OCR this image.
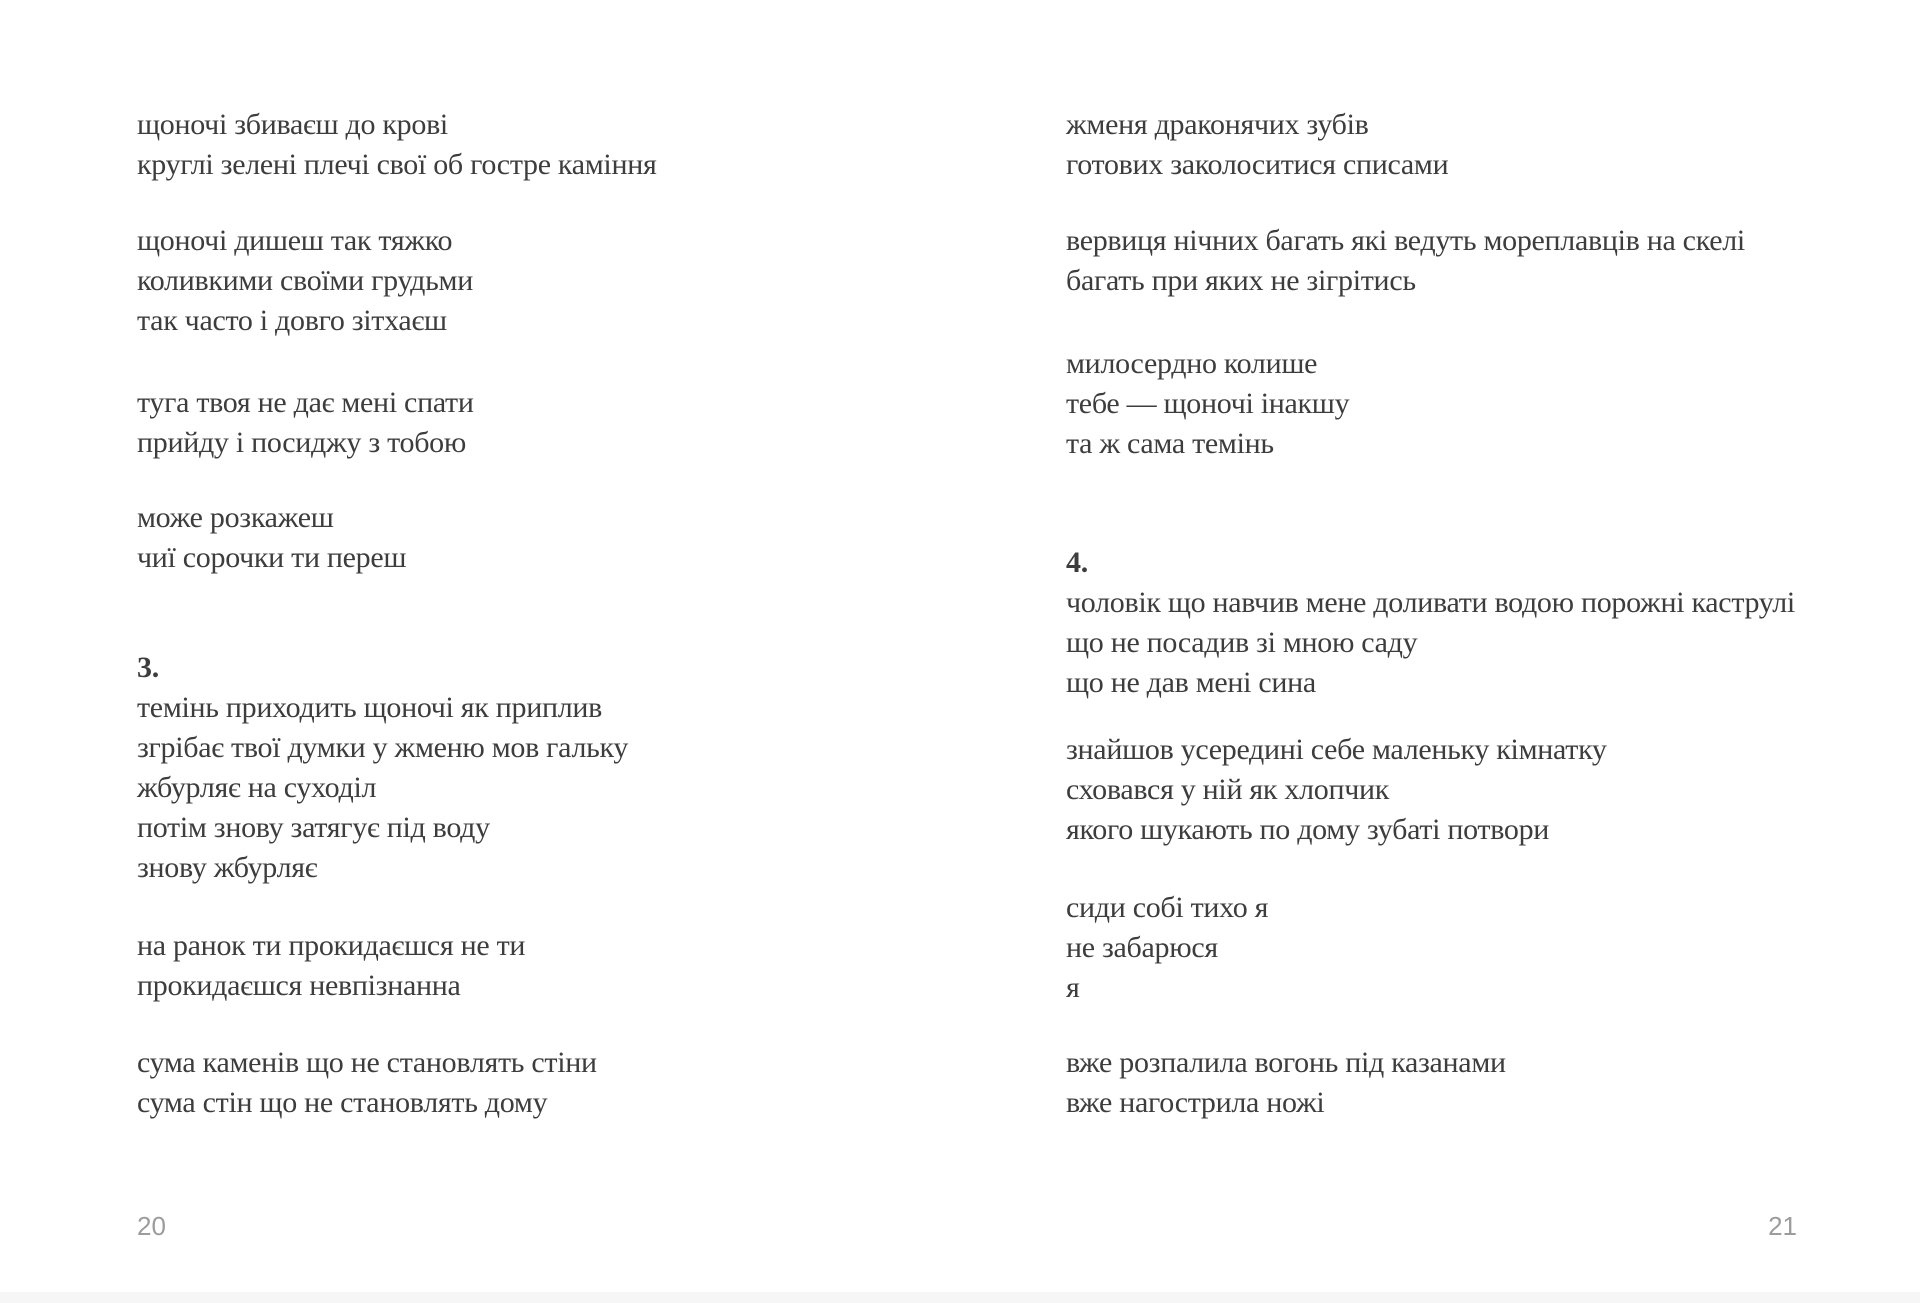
щоночі збиваєш до крові
круглі зелені плечі свої об гостре каміння
щоночі дишеш так тяжко
коливкими своїми грудьми
так часто і довго зітхаєш
туга твоя не дає мені спати
прийду і посиджу з тобою
може розкажеш
чиї сорочки ти переш
3.
темінь приходить щоночі як приплив
згрібає твої думки у жменю мов гальку
жбурляє на суходіл
потім знову затягує під воду
знову жбурляє
на ранок ти прокидаєшся не ти
прокидаєшся невпізнанна
сума каменів що не становлять стіни
сума стін що не становлять дому
жменя драконячих зубів
готових заколоситися списами
вервиця нічних багать які ведуть мореплавців на скелі
багать при яких не зігрітись
милосердно колише
тебе — щоночі інакшу
та ж сама темінь
4.
чоловік що навчив мене доливати водою порожні каструлі
що не посадив зі мною саду
що не дав мені сина
знайшов усередині себе маленьку кімнатку
сховався у ній як хлопчик
якого шукають по дому зубаті потвори
сиди собі тихо я
не забарюся
я
вже розпалила вогонь під казанами
вже нагострила ножі
20	21
